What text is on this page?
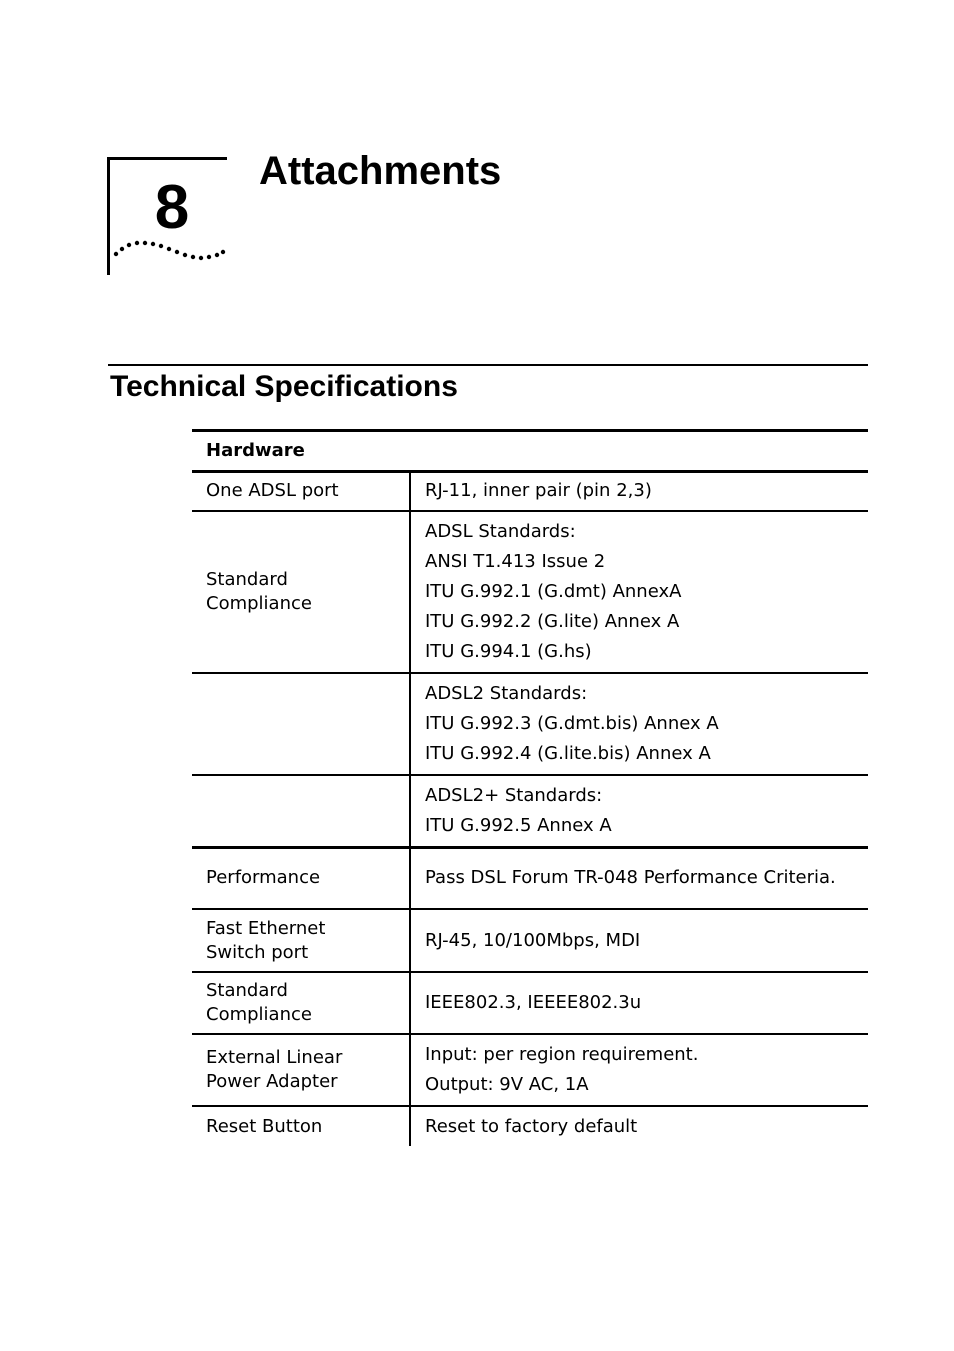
8
Attachments
Technical Specifications
Hardware	

One ADSL port	RJ-11, inner pair (pin 2,3)

Standard
Compliance	ADSL Standards:
ANSI T1.413 Issue 2
ITU G.992.1 (G.dmt) AnnexA
ITU G.992.2 (G.lite) Annex A
ITU G.994.1 (G.hs)

	ADSL2 Standards:
ITU G.992.3 (G.dmt.bis) Annex A
ITU G.992.4 (G.lite.bis) Annex A

	ADSL2+ Standards:
ITU G.992.5 Annex A

Performance	Pass DSL Forum TR-048 Performance Criteria.

Fast Ethernet
Switch port	RJ-45, 10/100Mbps, MDI

Standard
Compliance	IEEE802.3, IEEEE802.3u

External Linear
Power Adapter	Input: per region requirement.
Output: 9V AC, 1A

Reset Button	Reset to factory default
